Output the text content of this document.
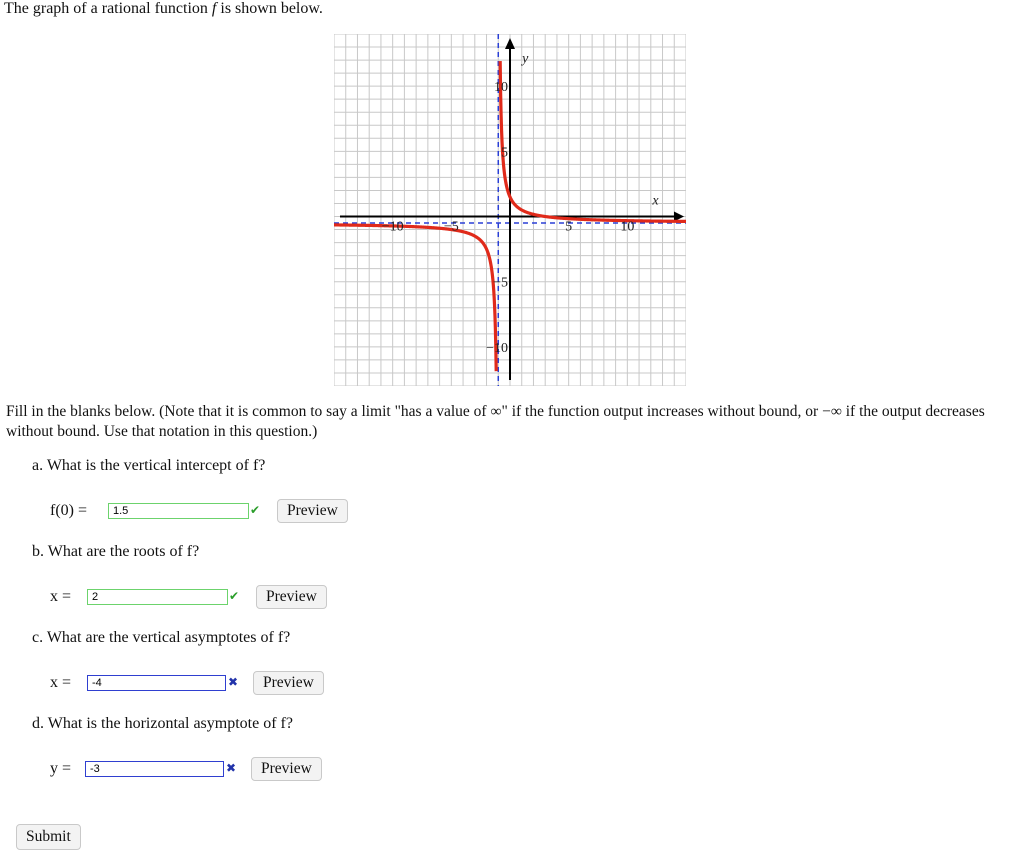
The graph of a rational function f is shown below.
−10	−5	5	10
10
5
−5
−10
x
y
Fill in the blanks below. (Note that it is common to say a limit "has a value of ∞" if the function output increases without bound, or −∞ if the output decreases without bound. Use that notation in this question.)
a. What is the vertical intercept of f?
f(0) =	1.5	✔	Preview
b. What are the roots of f?
x =	2	✔	Preview
c. What are the vertical asymptotes of f?
x =	-4	✖	Preview
d. What is the horizontal asymptote of f?
y =	-3	✖	Preview
Submit
